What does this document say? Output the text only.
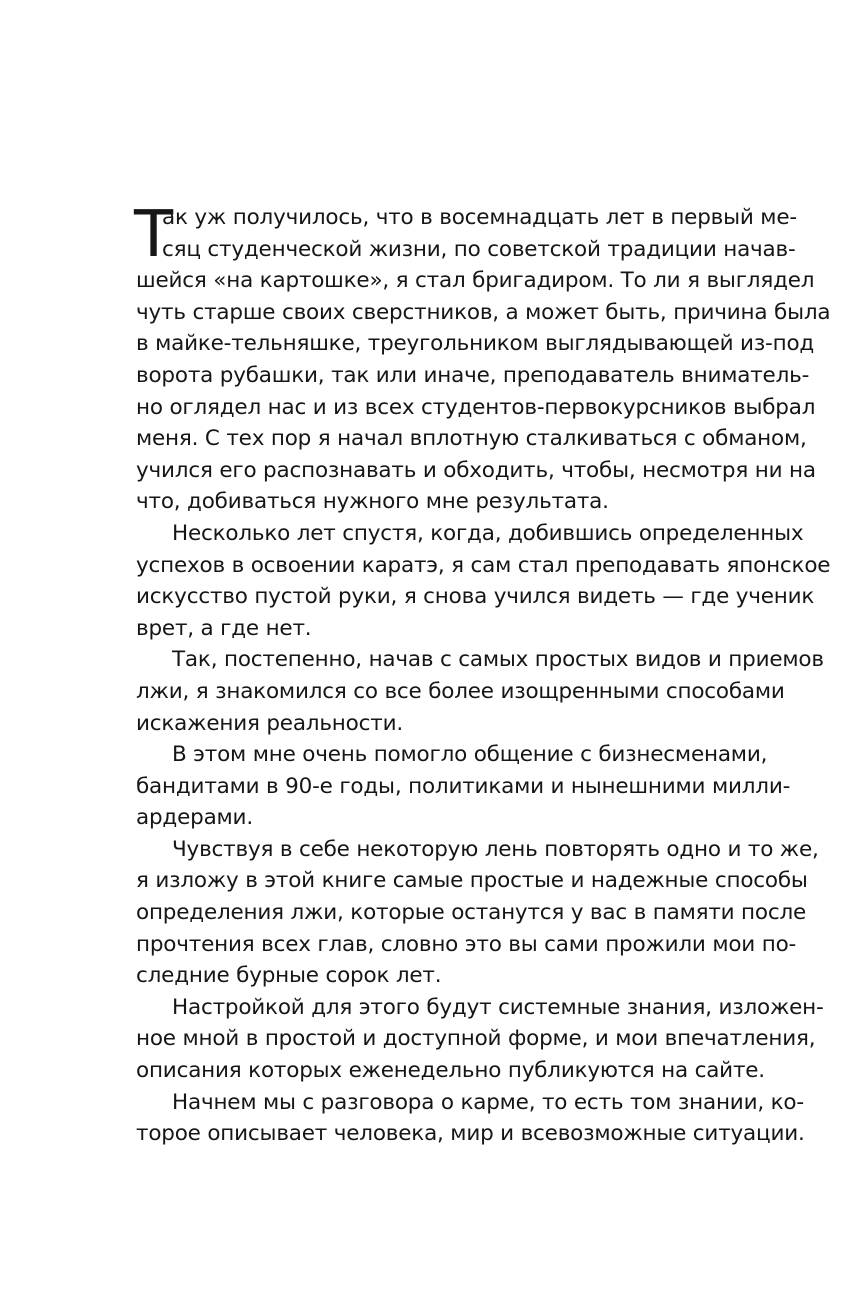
Т
ак уж получилось, что в восемнадцать лет в первый ме-
сяц студенческой жизни, по советской традиции начав-
шейся «на картошке», я стал бригадиром. То ли я выглядел
чуть старше своих сверстников, а может быть, причина была
в майке-тельняшке, треугольником выглядывающей из-под
ворота рубашки, так или иначе, преподаватель вниматель-
но оглядел нас и из всех студентов-первокурсников выбрал
меня. С тех пор я начал вплотную сталкиваться с обманом,
учился его распознавать и обходить, чтобы, несмотря ни на
что, добиваться нужного мне результата.
Несколько лет спустя, когда, добившись определенных
успехов в освоении каратэ, я сам стал преподавать японское
искусство пустой руки, я снова учился видеть — где ученик
врет, а где нет.
Так, постепенно, начав с самых простых видов и приемов
лжи, я знакомился со все более изощренными способами
искажения реальности.
В этом мне очень помогло общение с бизнесменами,
бандитами в 90-е годы, политиками и нынешними милли-
ардерами.
Чувствуя в себе некоторую лень повторять одно и то же,
я изложу в этой книге самые простые и надежные способы
определения лжи, которые останутся у вас в памяти после
прочтения всех глав, словно это вы сами прожили мои по-
следние бурные сорок лет.
Настройкой для этого будут системные знания, изложен-
ное мной в простой и доступной форме, и мои впечатления,
описания которых еженедельно публикуются на сайте.
Начнем мы с разговора о карме, то есть том знании, ко-
торое описывает человека, мир и всевозможные ситуации.
